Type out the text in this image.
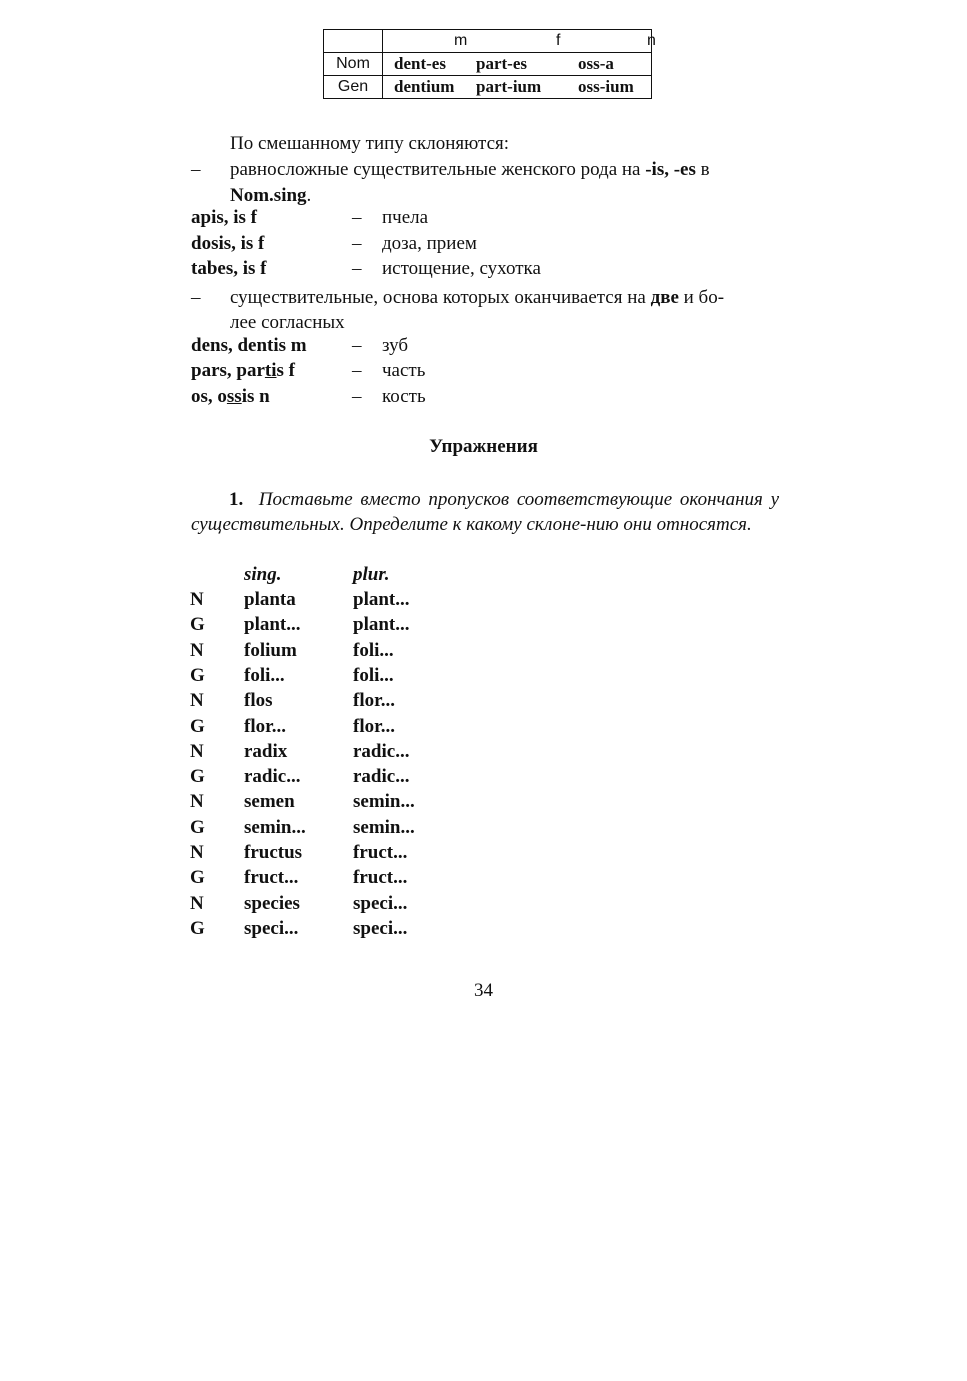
	m f n

Nom	dent-es part-es oss-a

Gen	dentium part-ium oss-ium
По смешанному типу склоняются:
– равносложные существительные женского рода на -is, -es в
Nom.sing.
apis, is f	– пчела
dosis, is f	– доза, прием
tabes, is f	– истощение, сухотка
– существительные, основа которых оканчивается на две и бо-
лее согласных
dens, dentis m – зуб
pars, partis f	– часть
os, ossis n	– кость
Упражнения
1. Поставьте вместо пропусков соответствующие окончания у существительных. Определите к какому склоне-нию они относятся.
sing.	plur.
N planta	plant...
G plant...	plant...
N folium	foli...
G foli...	foli...
N flos	flor...
G flor...	flor...
N radix	radic...
G radic...	radic...
N semen	semin...
G semin... semin...
N fructus	fruct...
G fruct...	fruct...
N species	speci...
G speci...	speci...
34
